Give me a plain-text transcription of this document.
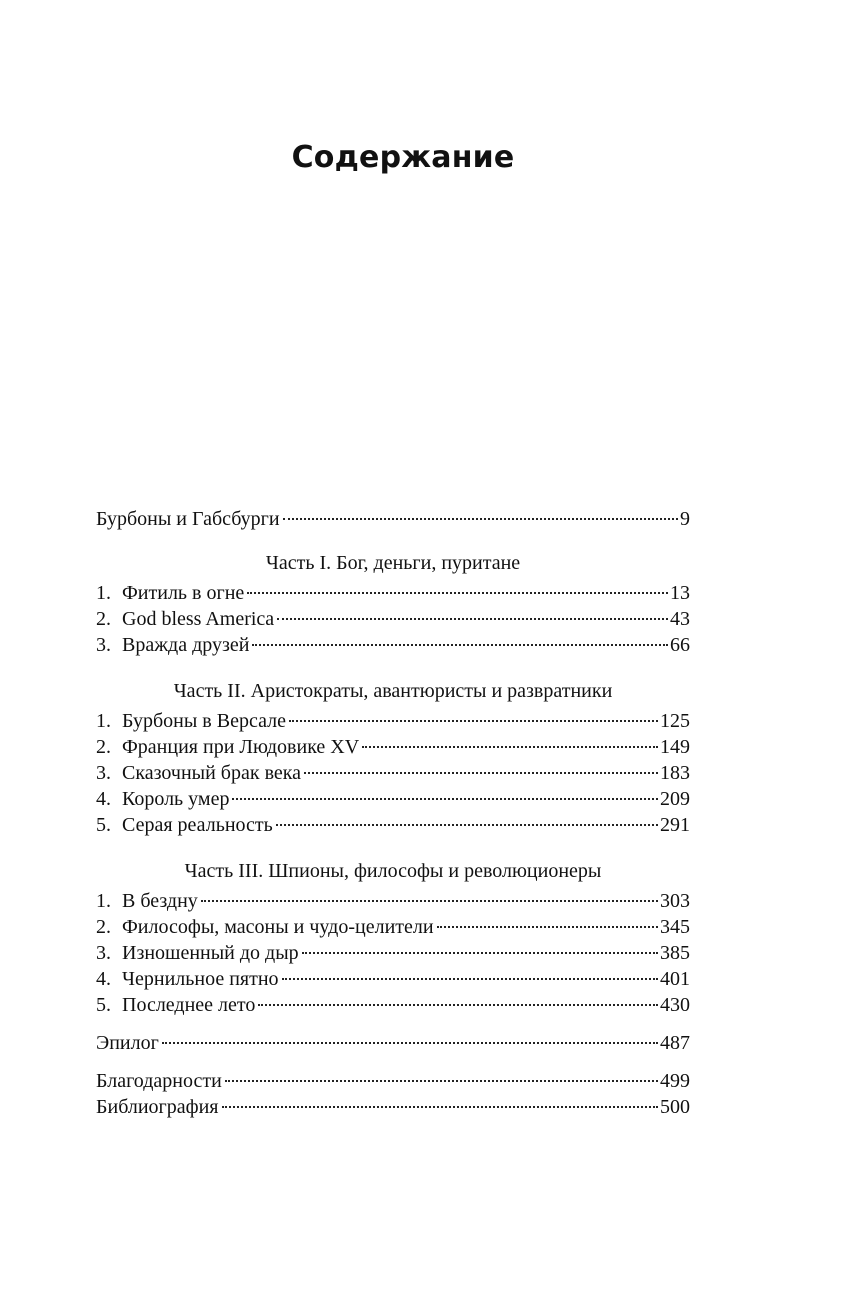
Содержание
Бурбоны и Габсбурги	9
Часть I. Бог, деньги, пуритане
1. Фитиль в огне	13
2. God bless America	43
3. Вражда друзей	66
Часть II. Аристократы, авантюристы и развратники
1. Бурбоны в Версале	125
2. Франция при Людовике XV	149
3. Сказочный брак века	183
4. Король умер	209
5. Серая реальность	291
Часть III. Шпионы, философы и революционеры
1. В бездну	303
2. Философы, масоны и чудо-целители	345
3. Изношенный до дыр	385
4. Чернильное пятно	401
5. Последнее лето	430
Эпилог	487
Благодарности	499
Библиография	500
